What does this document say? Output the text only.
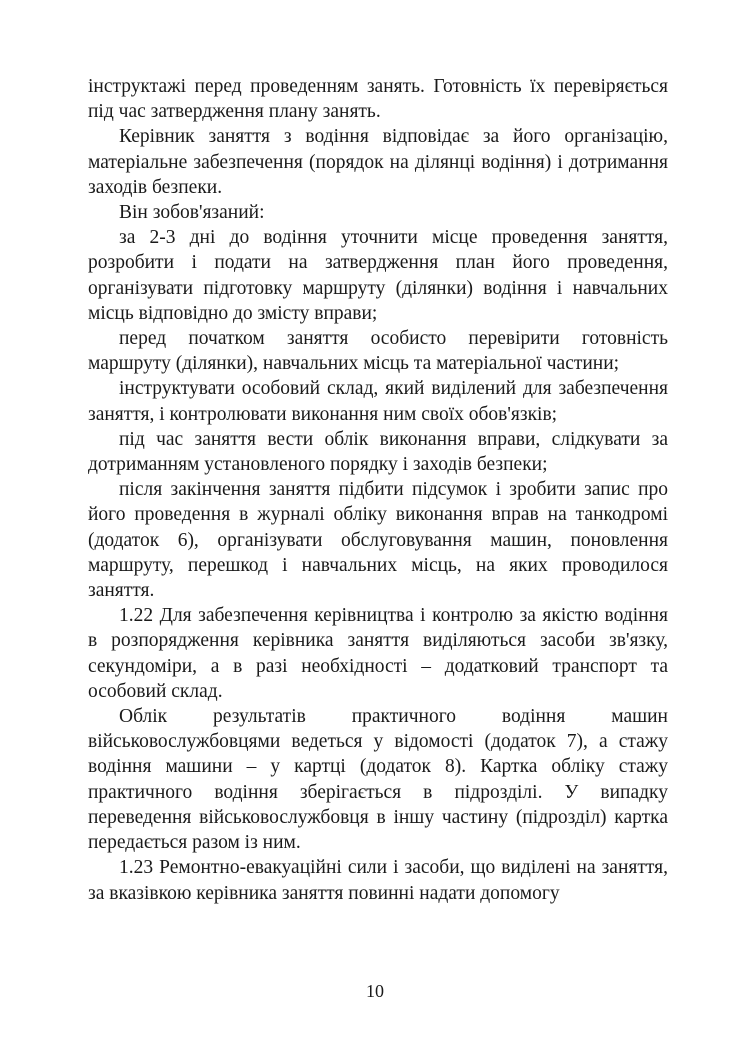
інструктажі перед проведенням занять. Готовність їх перевіряється під час затвердження плану занять.

Керівник заняття з водіння відповідає за його організацію, матеріальне забезпечення (порядок на ділянці водіння) і дотримання заходів безпеки.

Він зобов'язаний:

за 2-3 дні до водіння уточнити місце проведення заняття, розробити і подати на затвердження план його проведення, організувати підготовку маршруту (ділянки) водіння і навчальних місць відповідно до змісту вправи;

перед початком заняття особисто перевірити готовність маршруту (ділянки), навчальних місць та матеріальної частини;

інструктувати особовий склад, який виділений для забезпечення заняття, і контролювати виконання ним своїх обов'язків;

під час заняття вести облік виконання вправи, слідкувати за дотриманням установленого порядку і заходів безпеки;

після закінчення заняття підбити підсумок і зробити запис про його проведення в журналі обліку виконання вправ на танкодромі (додаток 6), організувати обслуговування машин, поновлення маршруту, перешкод і навчальних місць, на яких проводилося заняття.

1.22 Для забезпечення керівництва і контролю за якістю водіння в розпорядження керівника заняття виділяються засоби зв'язку, секундоміри, а в разі необхідності – додатковий транспорт та особовий склад.

Облік результатів практичного водіння машин військовослужбовцями ведеться у відомості (додаток 7), а стажу водіння машини – у картці (додаток 8). Картка обліку стажу практичного водіння зберігається в підрозділі. У випадку переведення військовослужбовця в іншу частину (підрозділ) картка передається разом із ним.

1.23 Ремонтно-евакуаційні сили і засоби, що виділені на заняття, за вказівкою керівника заняття повинні надати допомогу

10
